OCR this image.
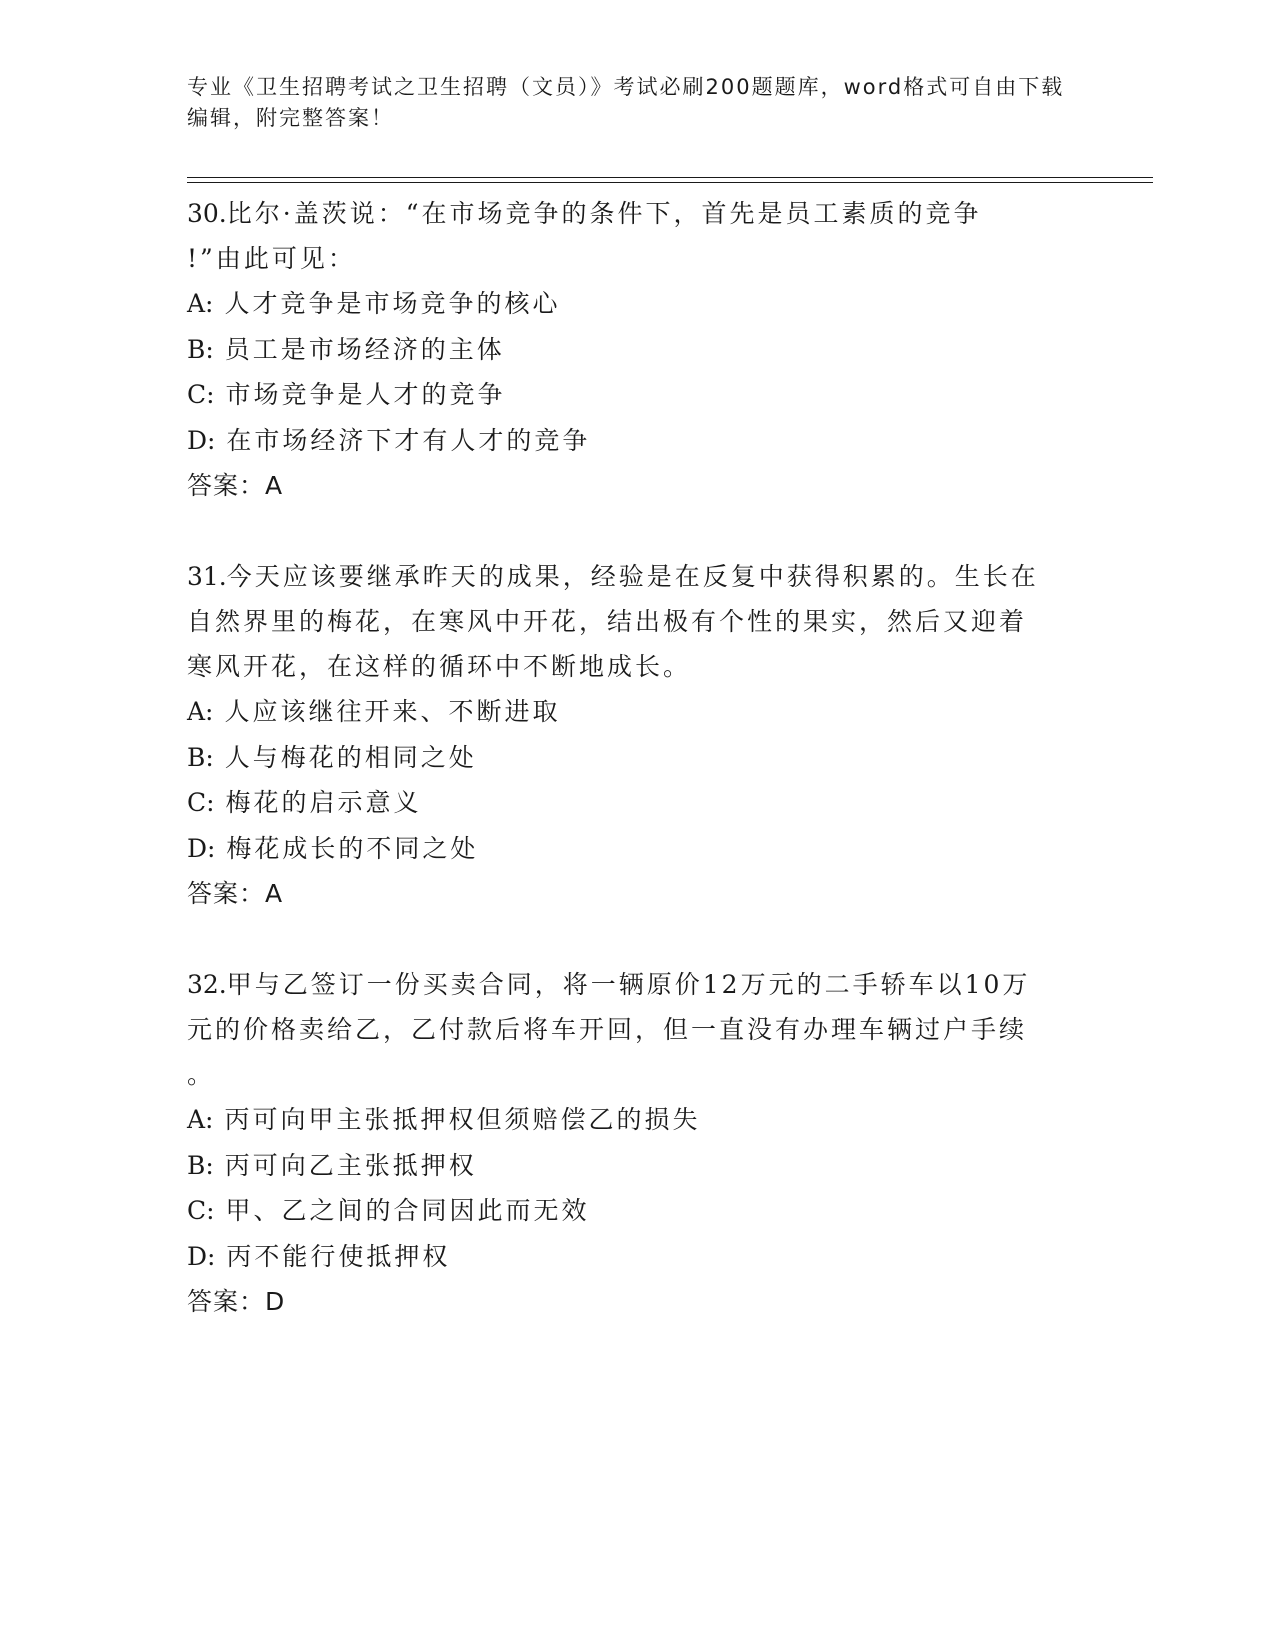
专业《卫生招聘考试之卫生招聘（文员）》考试必刷200题题库，word格式可自由下载编辑，附完整答案！

30.比尔·盖茨说：“在市场竞争的条件下，首先是员工素质的竞争

!”由此可见：

A: 人才竞争是市场竞争的核心

B: 员工是市场经济的主体

C: 市场竞争是人才的竞争

D: 在市场经济下才有人才的竞争

答案：A

31.今天应该要继承昨天的成果，经验是在反复中获得积累的。生长在

自然界里的梅花，在寒风中开花，结出极有个性的果实，然后又迎着

寒风开花，在这样的循环中不断地成长。

A: 人应该继往开来、不断进取

B: 人与梅花的相同之处

C: 梅花的启示意义

D: 梅花成长的不同之处

答案：A

32.甲与乙签订一份买卖合同，将一辆原价12万元的二手轿车以10万

元的价格卖给乙，乙付款后将车开回，但一直没有办理车辆过户手续

。

A: 丙可向甲主张抵押权但须赔偿乙的损失

B: 丙可向乙主张抵押权

C: 甲、乙之间的合同因此而无效

D: 丙不能行使抵押权

答案：D
